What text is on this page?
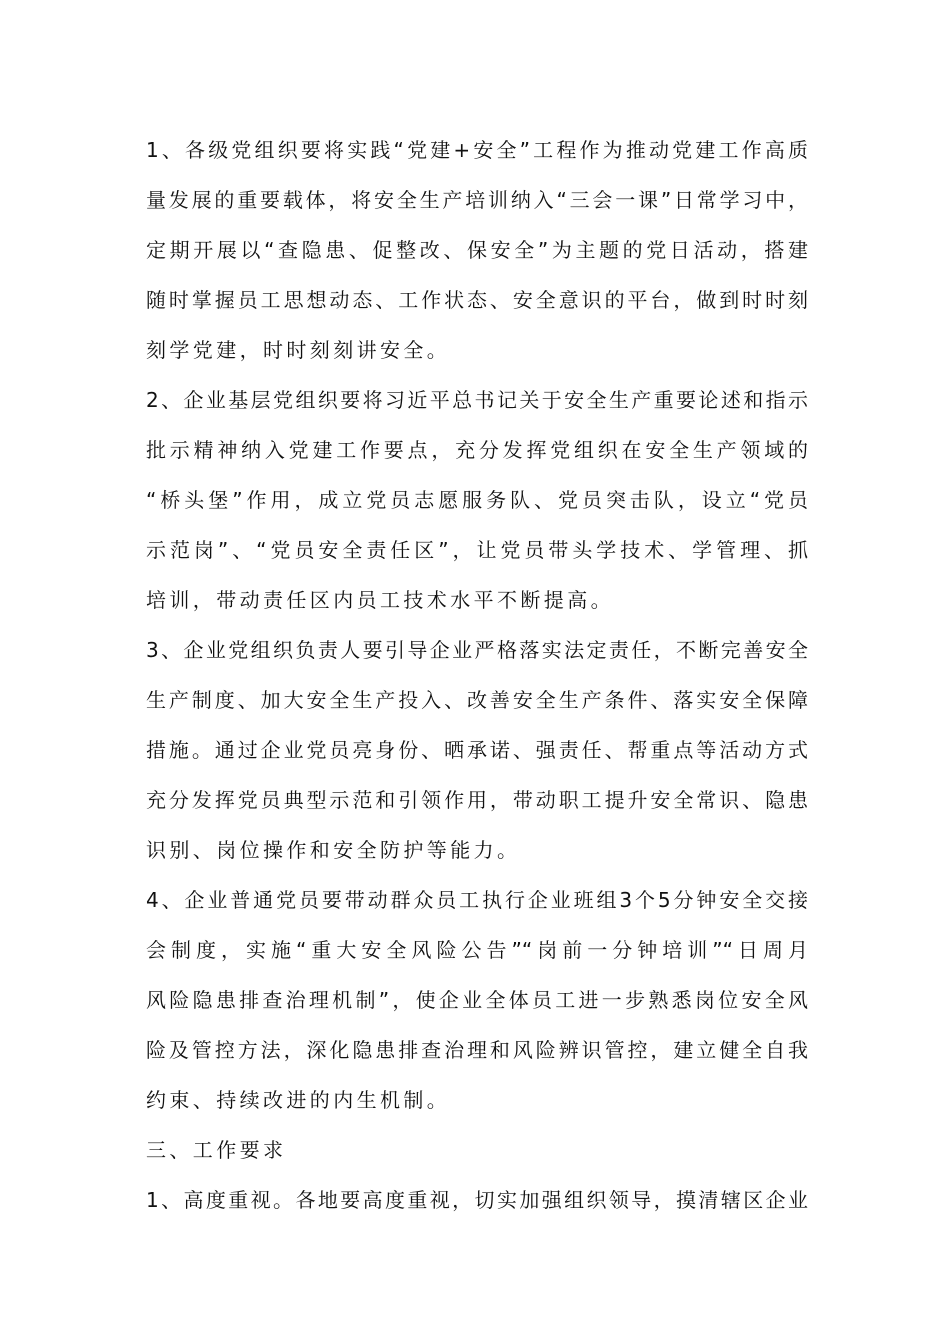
1、各级党组织要将实践“党建+安全”工程作为推动党建工作高质
量发展的重要载体，将安全生产培训纳入“三会一课”日常学习中，
定期开展以“查隐患、促整改、保安全”为主题的党日活动，搭建
随时掌握员工思想动态、工作状态、安全意识的平台，做到时时刻
刻学党建，时时刻刻讲安全。
2、企业基层党组织要将习近平总书记关于安全生产重要论述和指示
批示精神纳入党建工作要点，充分发挥党组织在安全生产领域的
“桥头堡”作用，成立党员志愿服务队、党员突击队，设立“党员
示范岗”、“党员安全责任区”，让党员带头学技术、学管理、抓
培训，带动责任区内员工技术水平不断提高。
3、企业党组织负责人要引导企业严格落实法定责任，不断完善安全
生产制度、加大安全生产投入、改善安全生产条件、落实安全保障
措施。通过企业党员亮身份、晒承诺、强责任、帮重点等活动方式
充分发挥党员典型示范和引领作用，带动职工提升安全常识、隐患
识别、岗位操作和安全防护等能力。
4、企业普通党员要带动群众员工执行企业班组3个5分钟安全交接
会制度，实施“重大安全风险公告”“岗前一分钟培训”“日周月
风险隐患排查治理机制”，使企业全体员工进一步熟悉岗位安全风
险及管控方法，深化隐患排查治理和风险辨识管控，建立健全自我
约束、持续改进的内生机制。
三、工作要求
1、高度重视。各地要高度重视，切实加强组织领导，摸清辖区企业
